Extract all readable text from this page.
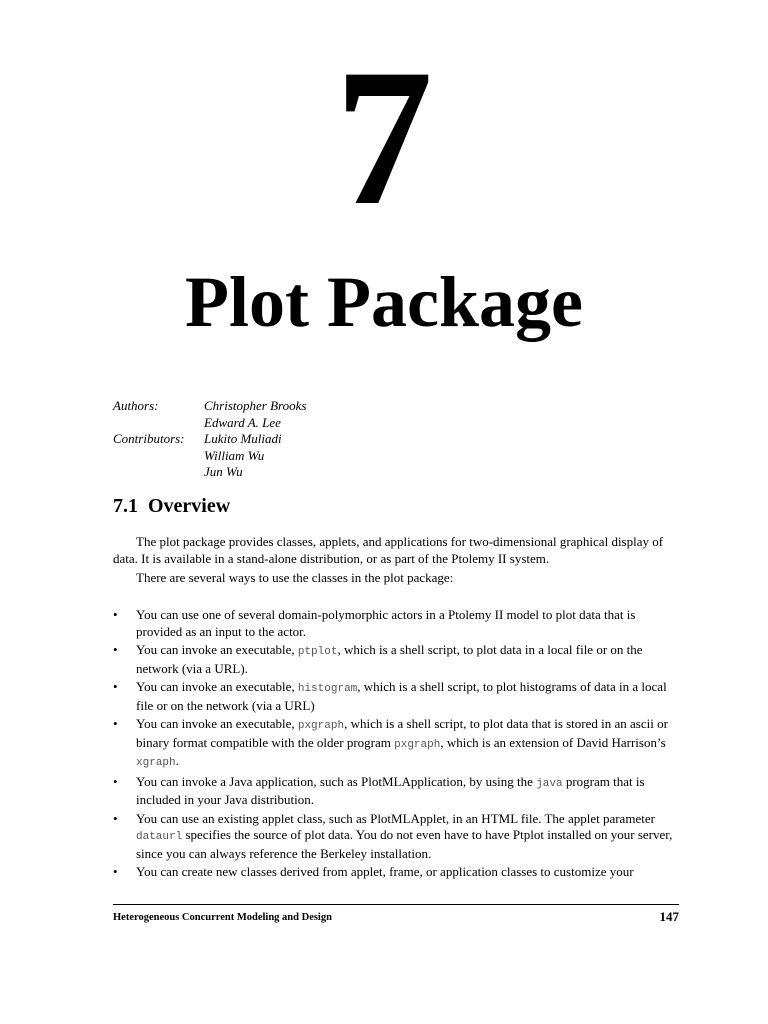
7
Plot Package
Authors:	Christopher Brooks
Edward A. Lee
Contributors:	Lukito Muliadi
William Wu
Jun Wu
7.1 Overview

The plot package provides classes, applets, and applications for two-dimensional graphical display of data. It is available in a stand-alone distribution, or as part of the Ptolemy II system.

There are several ways to use the classes in the plot package:

• You can use one of several domain-polymorphic actors in a Ptolemy II model to plot data that is provided as an input to the actor.
• You can invoke an executable, ptplot, which is a shell script, to plot data in a local file or on the network (via a URL).
• You can invoke an executable, histogram, which is a shell script, to plot histograms of data in a local file or on the network (via a URL)
• You can invoke an executable, pxgraph, which is a shell script, to plot data that is stored in an ascii or binary format compatible with the older program pxgraph, which is an extension of David Harrison’s xgraph.
• You can invoke a Java application, such as PlotMLApplication, by using the java program that is included in your Java distribution.
• You can use an existing applet class, such as PlotMLApplet, in an HTML file. The applet parameter dataurl specifies the source of plot data. You do not even have to have Ptplot installed on your server, since you can always reference the Berkeley installation.
• You can create new classes derived from applet, frame, or application classes to customize your
Heterogeneous Concurrent Modeling and Design	147
